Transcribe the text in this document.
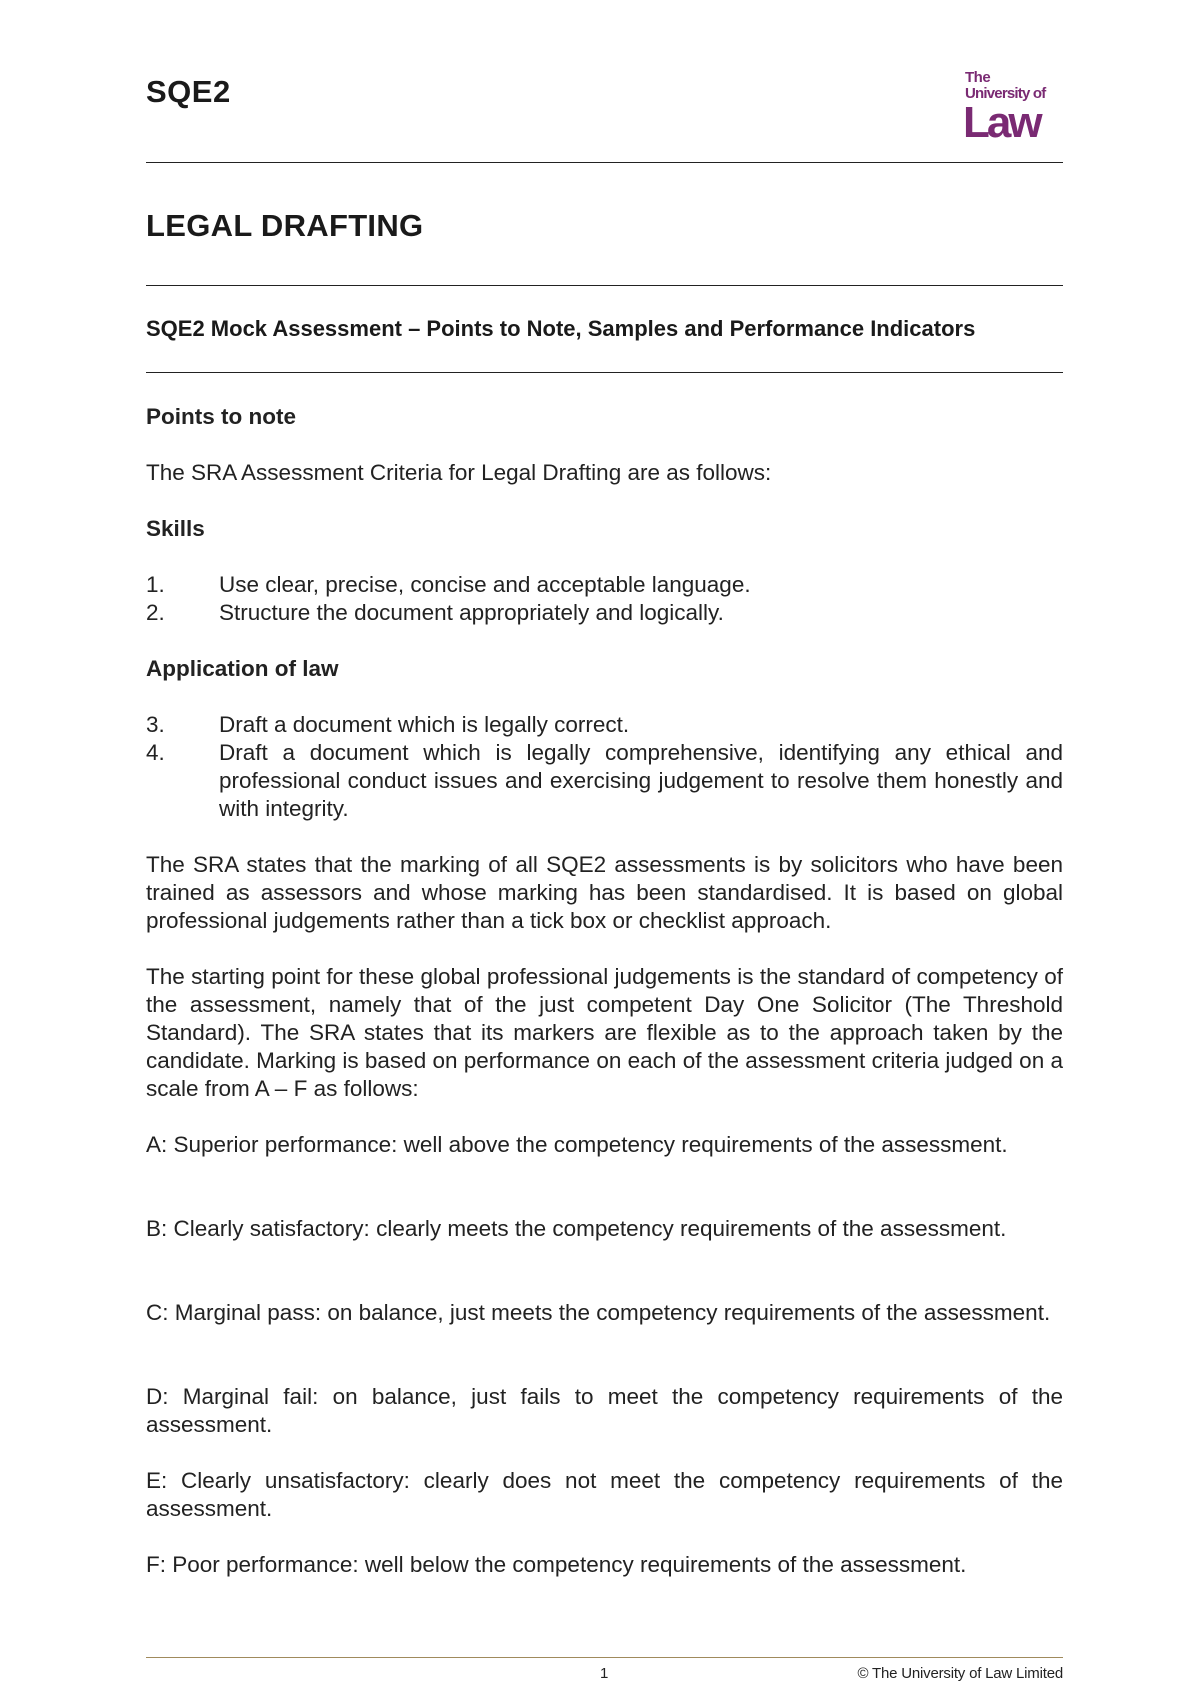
SQE2	The
University of
Law
LEGAL DRAFTING
SQE2 Mock Assessment – Points to Note, Samples and Performance Indicators
Points to note
The SRA Assessment Criteria for Legal Drafting are as follows:
Skills
1. Use clear, precise, concise and acceptable language.
2. Structure the document appropriately and logically.
Application of law
3. Draft a document which is legally correct.
4. Draft a document which is legally comprehensive, identifying any ethical and professional conduct issues and exercising judgement to resolve them honestly and with integrity.
The SRA states that the marking of all SQE2 assessments is by solicitors who have been trained as assessors and whose marking has been standardised. It is based on global professional judgements rather than a tick box or checklist approach.
The starting point for these global professional judgements is the standard of competency of the assessment, namely that of the just competent Day One Solicitor (The Threshold Standard). The SRA states that its markers are flexible as to the approach taken by the candidate. Marking is based on performance on each of the assessment criteria judged on a scale from A – F as follows:
A: Superior performance: well above the competency requirements of the assessment.
B: Clearly satisfactory: clearly meets the competency requirements of the assessment.
C: Marginal pass: on balance, just meets the competency requirements of the assessment.
D: Marginal fail: on balance, just fails to meet the competency requirements of the assessment.
E: Clearly unsatisfactory: clearly does not meet the competency requirements of the assessment.
F: Poor performance: well below the competency requirements of the assessment.
1	© The University of Law Limited
